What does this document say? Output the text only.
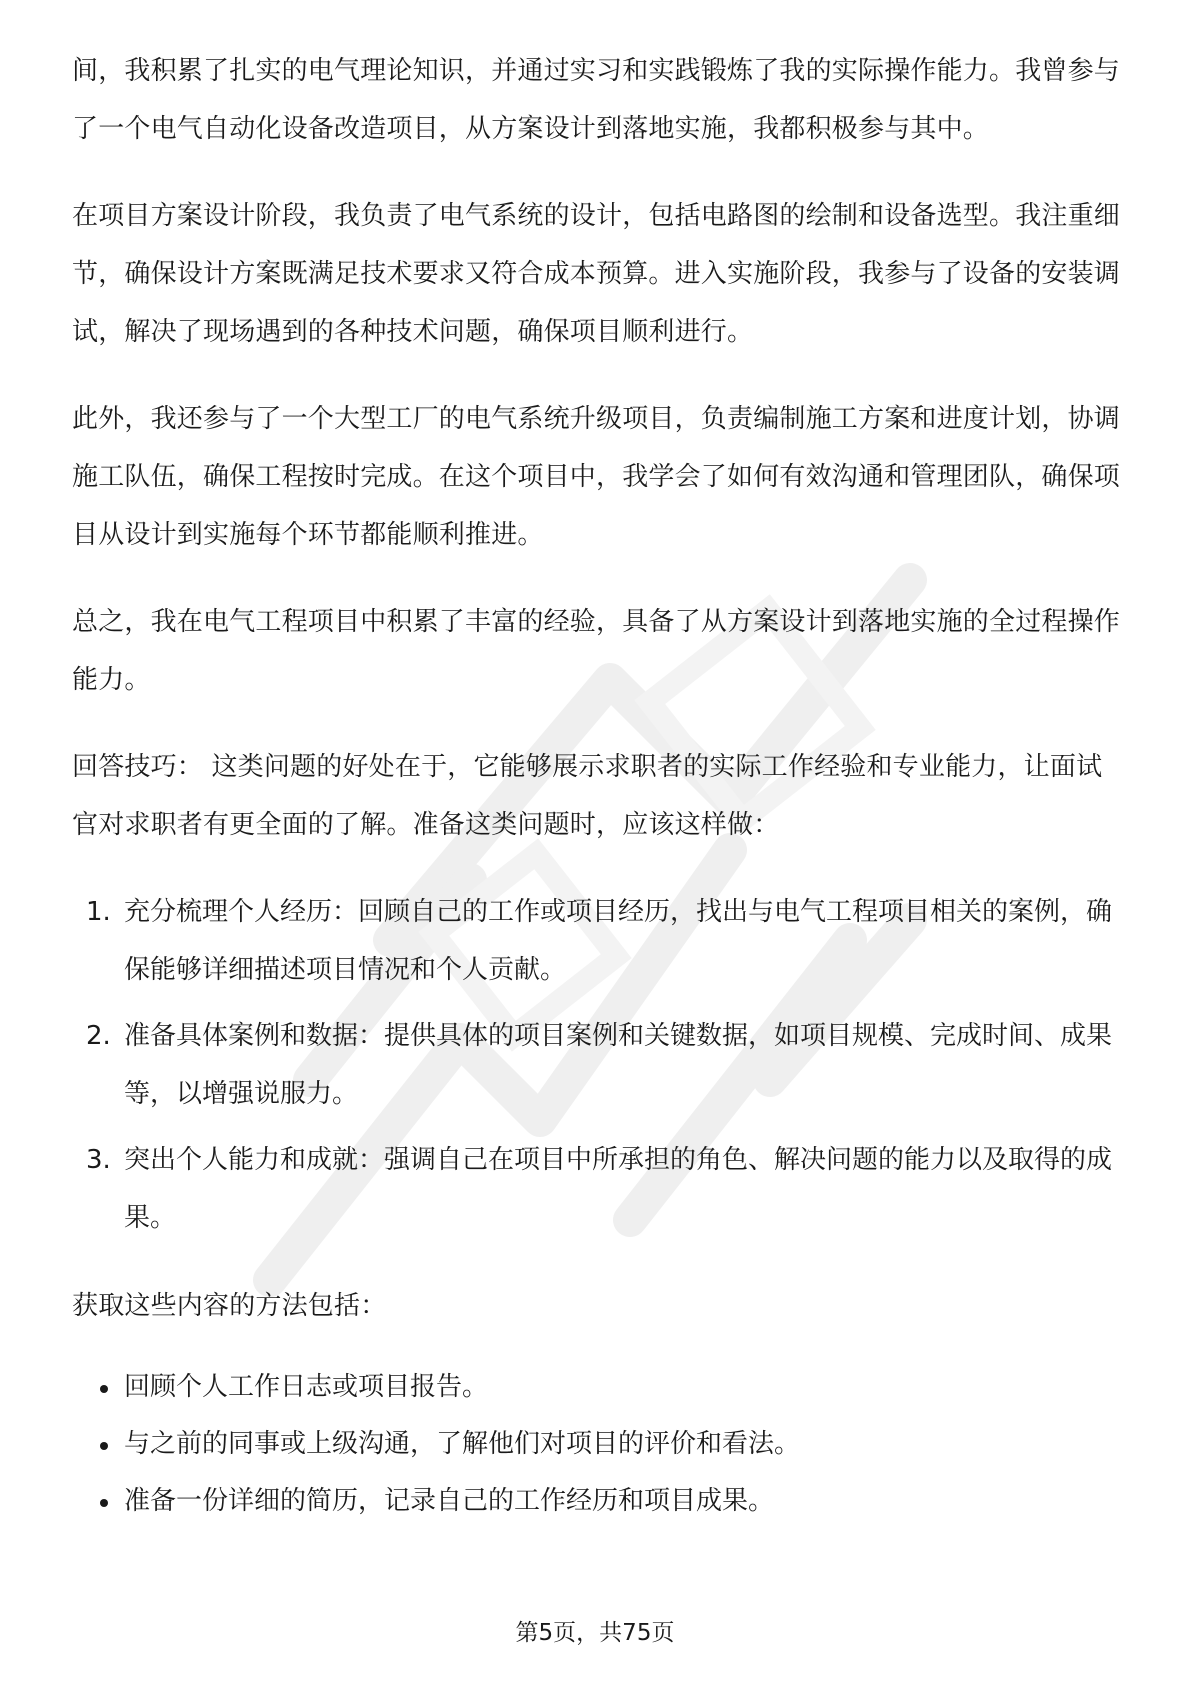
间，我积累了扎实的电气理论知识，并通过实习和实践锻炼了我的实际操作能力。我曾参与了一个电气自动化设备改造项目，从方案设计到落地实施，我都积极参与其中。

在项目方案设计阶段，我负责了电气系统的设计，包括电路图的绘制和设备选型。我注重细节，确保设计方案既满足技术要求又符合成本预算。进入实施阶段，我参与了设备的安装调试，解决了现场遇到的各种技术问题，确保项目顺利进行。

此外，我还参与了一个大型工厂的电气系统升级项目，负责编制施工方案和进度计划，协调施工队伍，确保工程按时完成。在这个项目中，我学会了如何有效沟通和管理团队，确保项目从设计到实施每个环节都能顺利推进。

总之，我在电气工程项目中积累了丰富的经验，具备了从方案设计到落地实施的全过程操作能力。

回答技巧： 这类问题的好处在于，它能够展示求职者的实际工作经验和专业能力，让面试官对求职者有更全面的了解。准备这类问题时，应该这样做：

1. 充分梳理个人经历：回顾自己的工作或项目经历，找出与电气工程项目相关的案例，确保能够详细描述项目情况和个人贡献。
2. 准备具体案例和数据：提供具体的项目案例和关键数据，如项目规模、完成时间、成果等，以增强说服力。
3. 突出个人能力和成就：强调自己在项目中所承担的角色、解决问题的能力以及取得的成果。

获取这些内容的方法包括：

回顾个人工作日志或项目报告。
与之前的同事或上级沟通，了解他们对项目的评价和看法。
准备一份详细的简历，记录自己的工作经历和项目成果。
第5页，共75页
